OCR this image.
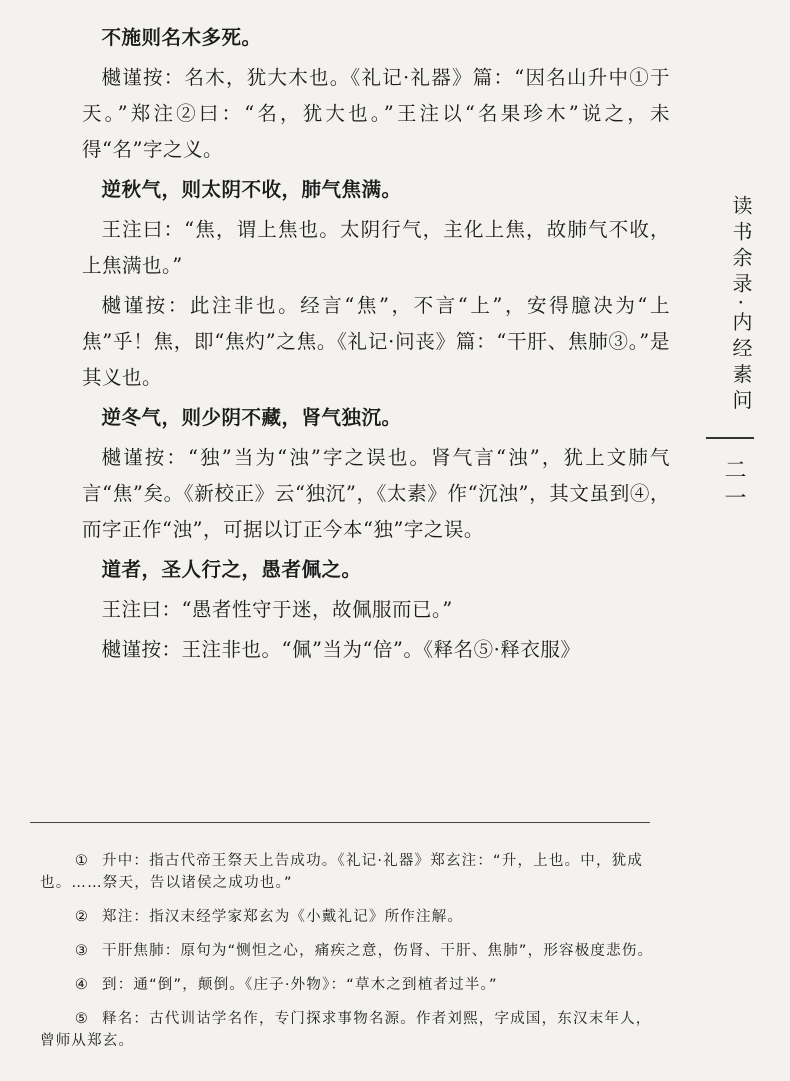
不施则名木多死。

樾谨按：名木，犹大木也。《礼记·礼器》篇：“因名山升中①于天。”郑注②曰：“名，犹大也。”王注以“名果珍木”说之，未得“名”字之义。

逆秋气，则太阴不收，肺气焦满。

王注曰：“焦，谓上焦也。太阴行气，主化上焦，故肺气不收，上焦满也。”

樾谨按：此注非也。经言“焦”，不言“上”，安得臆决为“上焦”乎！焦，即“焦灼”之焦。《礼记·问丧》篇：“干肝、焦肺③。”是其义也。

逆冬气，则少阴不藏，肾气独沉。

樾谨按：“独”当为“浊”字之误也。肾气言“浊”，犹上文肺气言“焦”矣。《新校正》云“独沉”，《太素》作“沉浊”，其文虽到④，而字正作“浊”，可据以订正今本“独”字之误。

道者，圣人行之，愚者佩之。

王注曰：“愚者性守于迷，故佩服而已。”

樾谨按：王注非也。“佩”当为“倍”。《释名⑤·释衣服》

① 升中：指古代帝王祭天上告成功。《礼记·礼器》郑玄注：“升，上也。中，犹成也。……祭天，告以诸侯之成功也。”

② 郑注：指汉末经学家郑玄为《小戴礼记》所作注解。

③ 干肝焦肺：原句为“恻怛之心，痛疾之意，伤肾、干肝、焦肺”，形容极度悲伤。

④ 到：通“倒”，颠倒。《庄子·外物》：“草木之到植者过半。”

⑤ 释名：古代训诂学名作，专门探求事物名源。作者刘熙，字成国，东汉末年人，曾师从郑玄。

读书余录·内经素问
二一
